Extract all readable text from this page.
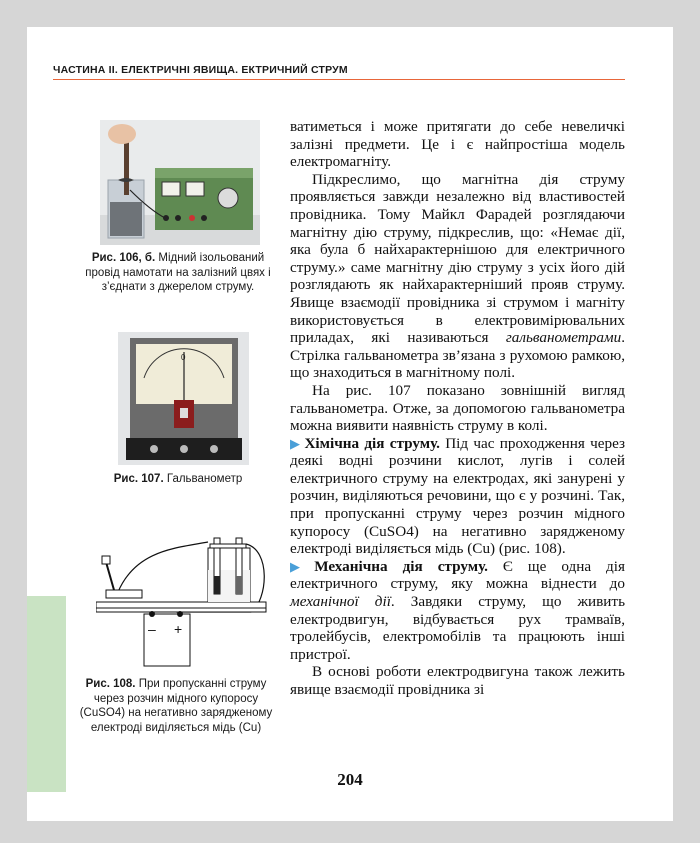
ЧАСТИНА ІІ. ЕЛЕКТРИЧНІ ЯВИЩА. ЕКТРИЧНИЙ СТРУМ
Рис. 106, б. Мідний ізольований провід намотати на залізний цвях і з’єднати з джерелом струму.
0
Рис. 107. Гальванометр
– +
Рис. 108. При пропусканні струму через розчин мідного купоросу (CuSO4) на негативно зарядженому електроді виділяється мідь (Cu)

ватиметься і може притягати до себе невеличкі залізні предмети. Це і є найпростіша модель електромагніту.

Підкреслимо, що магнітна дія струму проявляється завжди незалежно від властивостей провідника. Тому Майкл Фарадей розглядаючи магнітну дію струму, підкреслив, що: «Немає дії, яка була б найхарактернішою для електричного струму.» саме магнітну дію струму з усіх його дій розглядають як найхарактерніший прояв струму. Явище взаємодії провідника зі струмом і магніту використовується в електровимірювальних приладах, які називаються гальванометрами. Стрілка гальванометра зв’язана з рухомою рамкою, що знаходиться в магнітному полі.

На рис. 107 показано зовнішній вигляд гальванометра. Отже, за допомогою гальванометра можна виявити наявність струму в колі.

▶ Хімічна дія струму. Під час проходження через деякі водні розчини кислот, лугів і солей електричного струму на електродах, які занурені у розчин, виділяються речовини, що є у розчині. Так, при пропусканні струму через розчин мідного купоросу (CuSO4) на негативно зарядженому електроді виділяється мідь (Cu) (рис. 108).

▶ Механічна дія струму. Є ще одна дія електричного струму, яку можна віднести до механічної дії. Завдяки струму, що живить електродвигун, відбувається рух трамваїв, тролейбусів, електромобілів та працюють інші пристрої.

В основі роботи електродвигуна також лежить явище взаємодії провідника зі

204
